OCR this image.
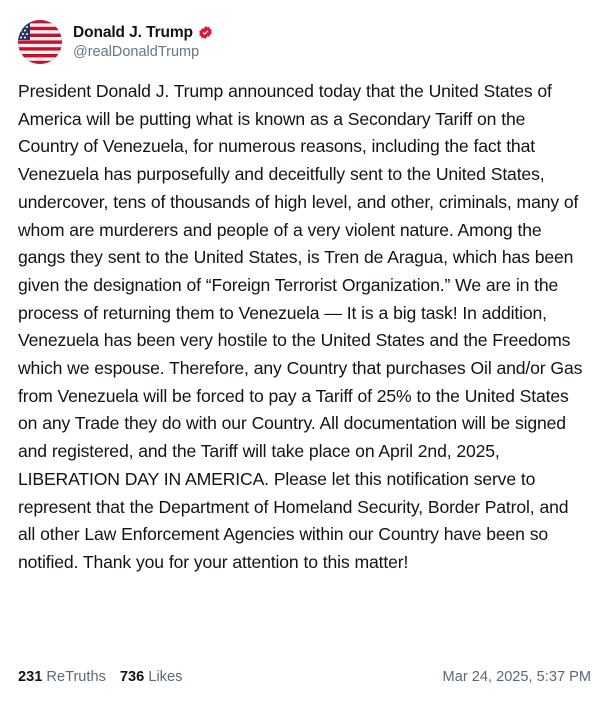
Donald J. Trump
@realDonaldTrump
President Donald J. Trump announced today that the United States of America will be putting what is known as a Secondary Tariff on the Country of Venezuela, for numerous reasons, including the fact that Venezuela has purposefully and deceitfully sent to the United States, undercover, tens of thousands of high level, and other, criminals, many of whom are murderers and people of a very violent nature. Among the gangs they sent to the United States, is Tren de Aragua, which has been given the designation of “Foreign Terrorist Organization.” We are in the process of returning them to Venezuela — It is a big task! In addition, Venezuela has been very hostile to the United States and the Freedoms which we espouse. Therefore, any Country that purchases Oil and/or Gas from Venezuela will be forced to pay a Tariff of 25% to the United States on any Trade they do with our Country. All documentation will be signed and registered, and the Tariff will take place on April 2nd, 2025, LIBERATION DAY IN AMERICA. Please let this notification serve to represent that the Department of Homeland Security, Border Patrol, and all other Law Enforcement Agencies within our Country have been so notified. Thank you for your attention to this matter!
231 ReTruths 736 Likes	Mar 24, 2025, 5:37 PM
